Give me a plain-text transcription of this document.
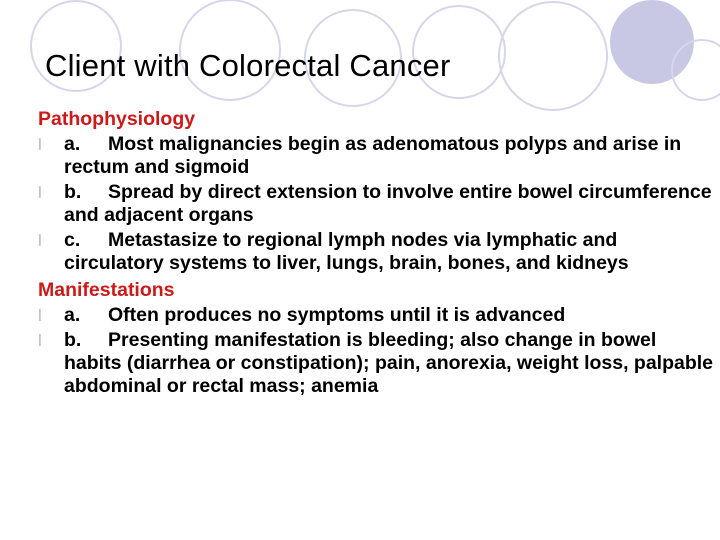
Client with Colorectal Cancer
Pathophysiology
l a. Most malignancies begin as adenomatous polyps and arise in rectum and sigmoid
l b. Spread by direct extension to involve entire bowel circumference and adjacent organs
l c. Metastasize to regional lymph nodes via lymphatic and circulatory systems to liver, lungs, brain, bones, and kidneys
Manifestations
l a. Often produces no symptoms until it is advanced
l b. Presenting manifestation is bleeding; also change in bowel habits (diarrhea or constipation); pain, anorexia, weight loss, palpable abdominal or rectal mass; anemia
